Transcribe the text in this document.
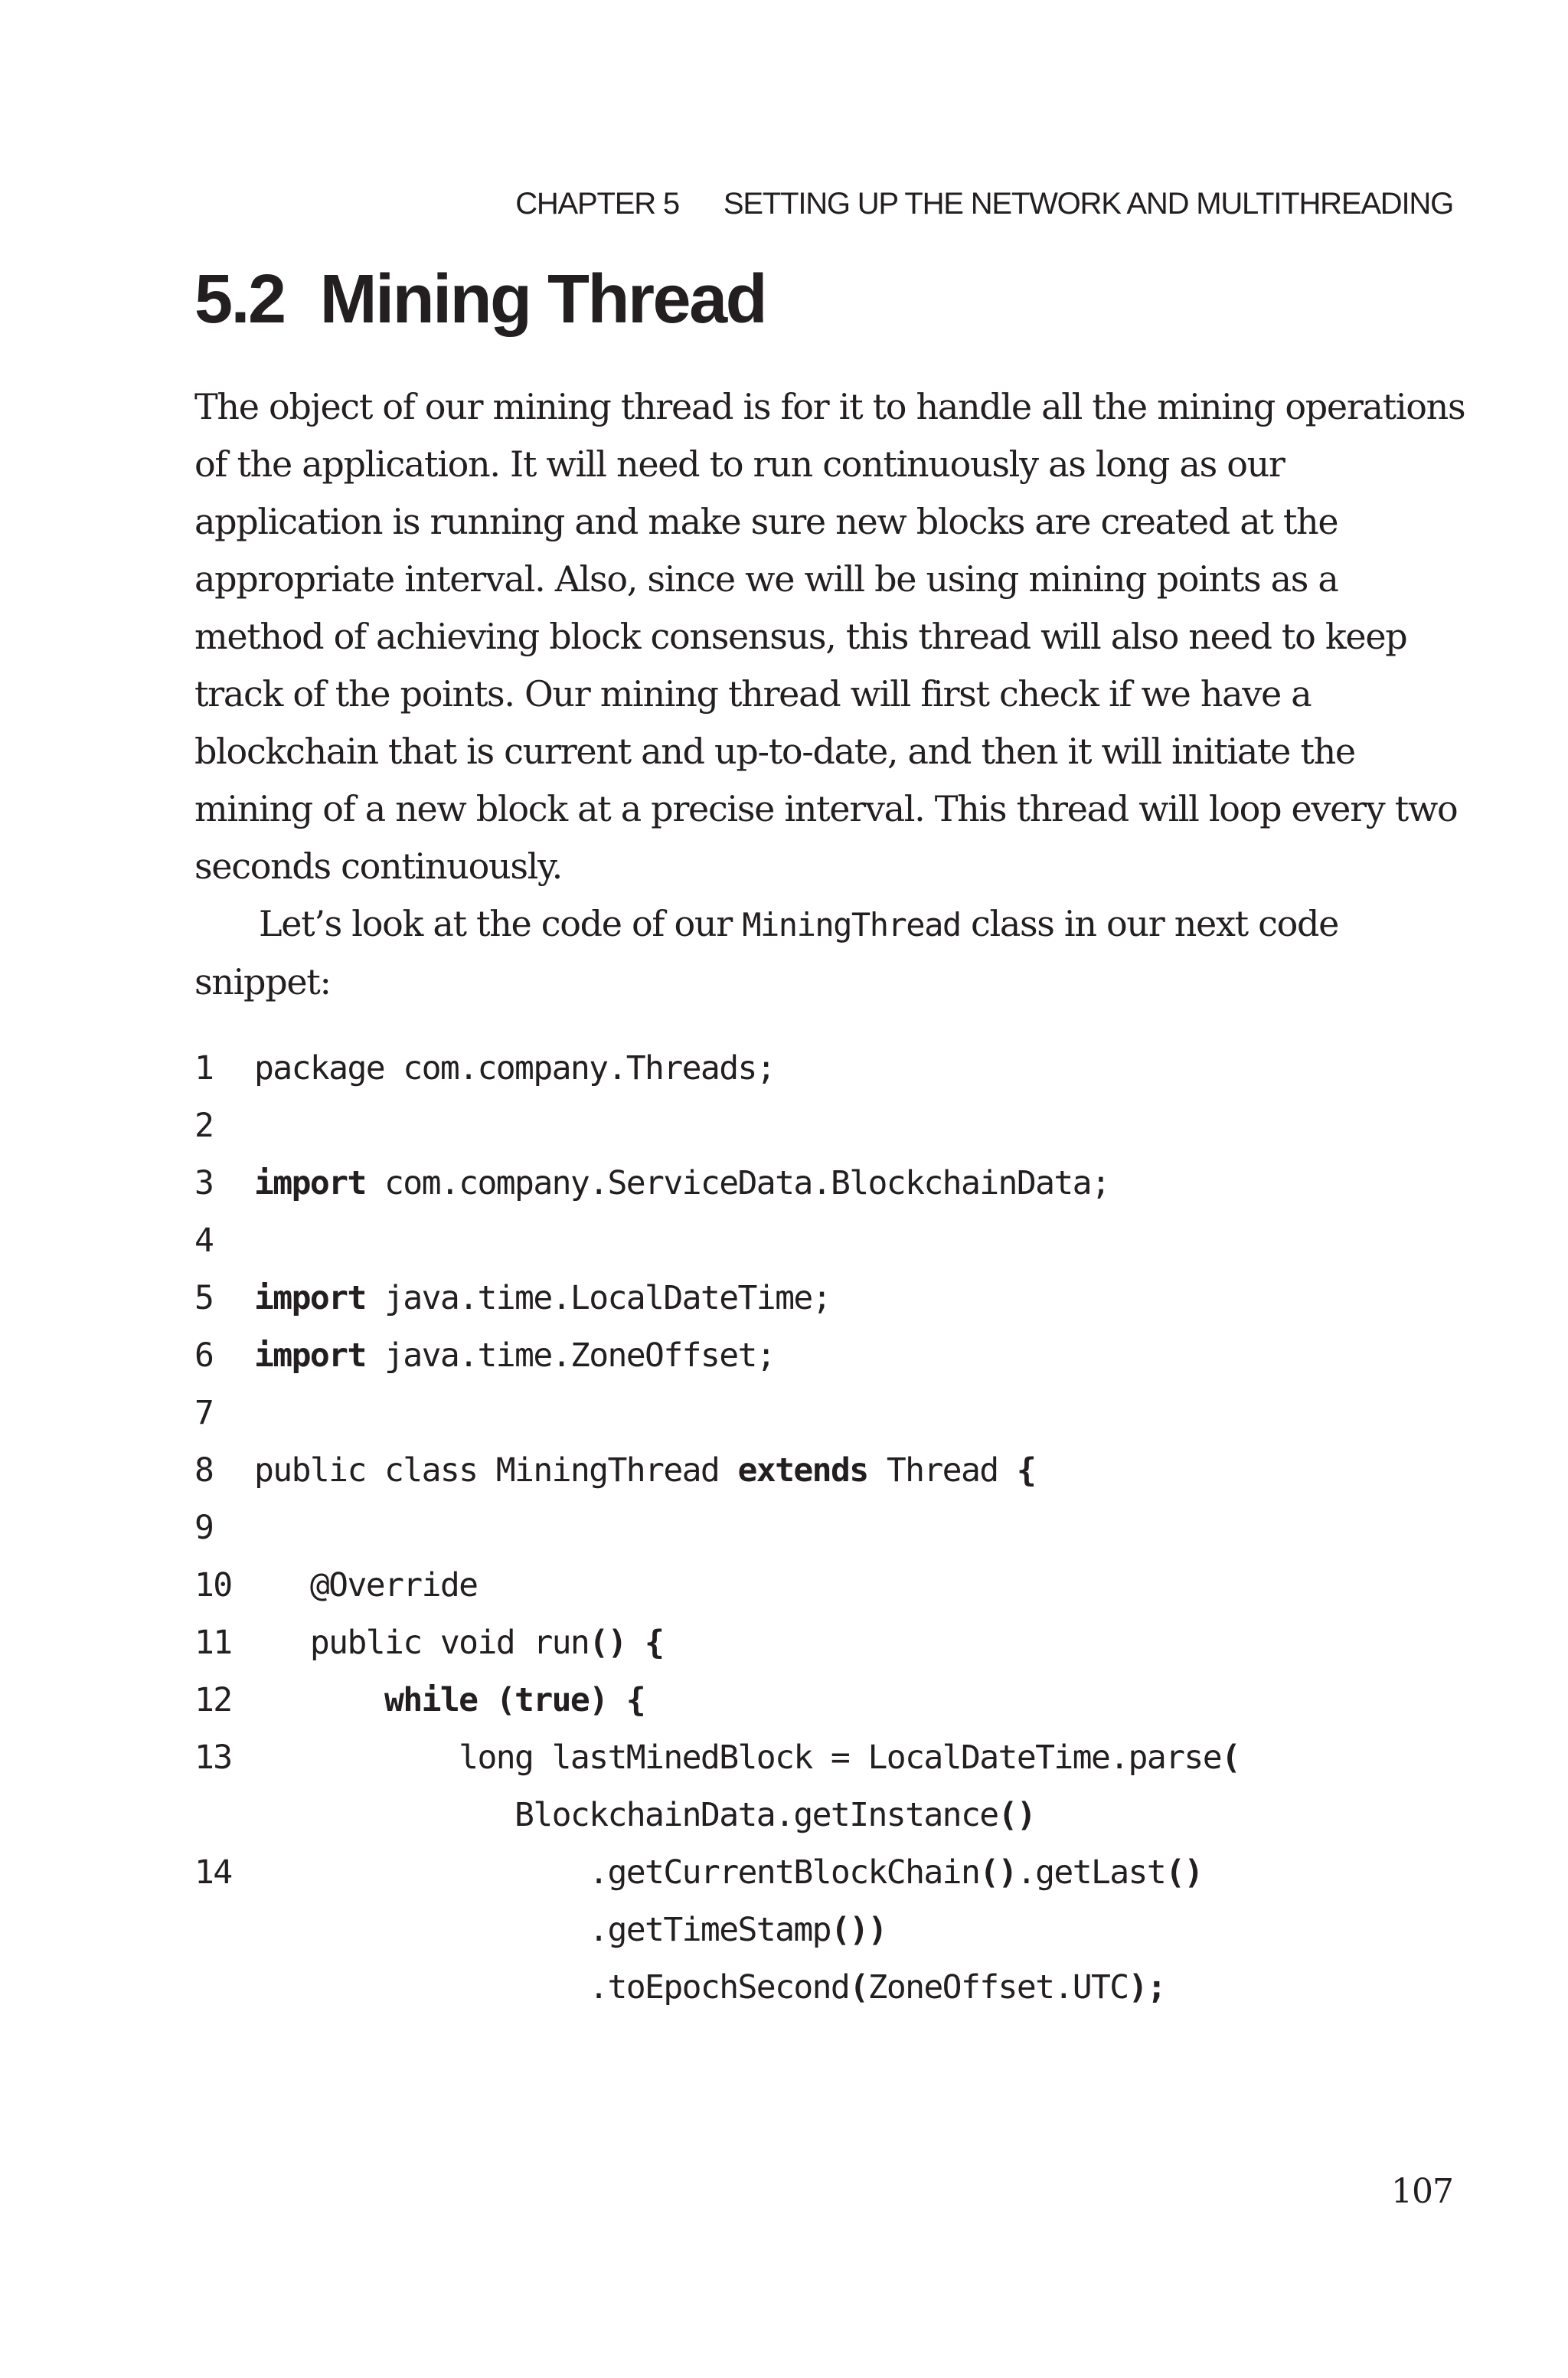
CHAPTER 5 SETTING UP THE NETWORK AND MULTITHREADING
5.2 Mining Thread

The object of our mining thread is for it to handle all the mining operations of the application. It will need to run continuously as long as our application is running and make sure new blocks are created at the appropriate interval. Also, since we will be using mining points as a method of achieving block consensus, this thread will also need to keep track of the points. Our mining thread will first check if we have a blockchain that is current and up-to-date, and then it will initiate the mining of a new block at a precise interval. This thread will loop every two seconds continuously.

Let’s look at the code of our MiningThread class in our next code snippet:

1	package com.company.Threads;
2
3	import com.company.ServiceData.BlockchainData;
4
5	import java.time.LocalDateTime;
6	import java.time.ZoneOffset;
7
8	public class MiningThread extends Thread {
9
10 @Override
11 public void run() {
12	while (true) {
13 long lastMinedBlock = LocalDateTime.parse(
BlockchainData.getInstance()
14 .getCurrentBlockChain().getLast()
.getTimeStamp())
.toEpochSecond(ZoneOffset.UTC);
107
